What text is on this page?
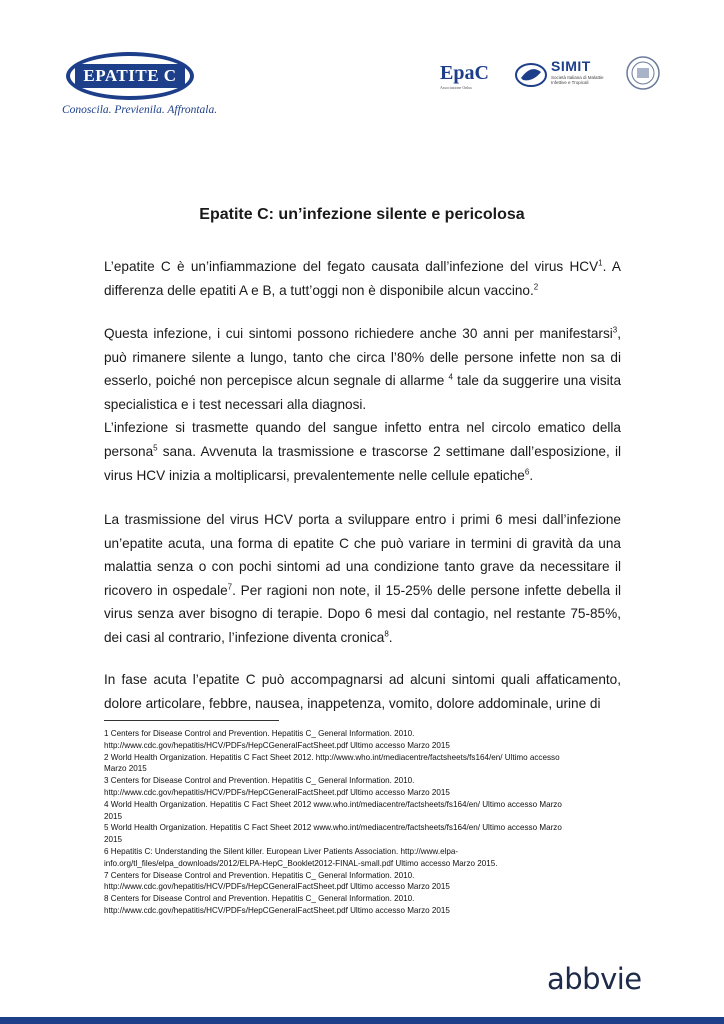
EPATITE C
Conoscila. Previenila. Affrontala.
EpaC
Associazione Onlus
SIMIT
Società Italiana di Malattie Infettive e Tropicali
Epatite C: un’infezione silente e pericolosa

L’epatite C è un’infiammazione del fegato causata dall’infezione del virus HCV$^1$. A differenza delle epatiti A e B, a tutt’oggi non è disponibile alcun vaccino.$^2$

Questa infezione, i cui sintomi possono richiedere anche 30 anni per manifestarsi$^3$, può rimanere silente a lungo, tanto che circa l’80% delle persone infette non sa di esserlo, poiché non percepisce alcun segnale di allarme $^4$ tale da suggerire una visita specialistica e i test necessari alla diagnosi.

L’infezione si trasmette quando del sangue infetto entra nel circolo ematico della persona$^5$ sana. Avvenuta la trasmissione e trascorse 2 settimane dall’esposizione, il virus HCV inizia a moltiplicarsi, prevalentemente nelle cellule epatiche$^6$.

La trasmissione del virus HCV porta a sviluppare entro i primi 6 mesi dall’infezione un’epatite acuta, una forma di epatite C che può variare in termini di gravità da una malattia senza o con pochi sintomi ad una condizione tanto grave da necessitare il ricovero in ospedale$^7$. Per ragioni non note, il 15-25% delle persone infette debella il virus senza aver bisogno di terapie. Dopo 6 mesi dal contagio, nel restante 75-85%, dei casi al contrario, l’infezione diventa cronica$^8$.

In fase acuta l’epatite C può accompagnarsi ad alcuni sintomi quali affaticamento, dolore articolare, febbre, nausea, inappetenza, vomito, dolore addominale, urine di

1 Centers for Disease Control and Prevention. Hepatitis C_ General Information. 2010.
http://www.cdc.gov/hepatitis/HCV/PDFs/HepCGeneralFactSheet.pdf Ultimo accesso Marzo 2015
2 World Health Organization. Hepatitis C Fact Sheet 2012. http://www.who.int/mediacentre/factsheets/fs164/en/ Ultimo accesso
Marzo 2015
3 Centers for Disease Control and Prevention. Hepatitis C_ General Information. 2010.
http://www.cdc.gov/hepatitis/HCV/PDFs/HepCGeneralFactSheet.pdf Ultimo accesso Marzo 2015
4 World Health Organization. Hepatitis C Fact Sheet 2012 www.who.int/mediacentre/factsheets/fs164/en/ Ultimo accesso Marzo
2015
5 World Health Organization. Hepatitis C Fact Sheet 2012 www.who.int/mediacentre/factsheets/fs164/en/ Ultimo accesso Marzo
2015
6 Hepatitis C: Understanding the Silent killer. European Liver Patients Association. http://www.elpa-
info.org/tl_files/elpa_downloads/2012/ELPA-HepC_Booklet2012-FINAL-small.pdf Ultimo accesso Marzo 2015.
7 Centers for Disease Control and Prevention. Hepatitis C_ General Information. 2010.
http://www.cdc.gov/hepatitis/HCV/PDFs/HepCGeneralFactSheet.pdf Ultimo accesso Marzo 2015
8 Centers for Disease Control and Prevention. Hepatitis C_ General Information. 2010.
http://www.cdc.gov/hepatitis/HCV/PDFs/HepCGeneralFactSheet.pdf Ultimo accesso Marzo 2015
abbvie
